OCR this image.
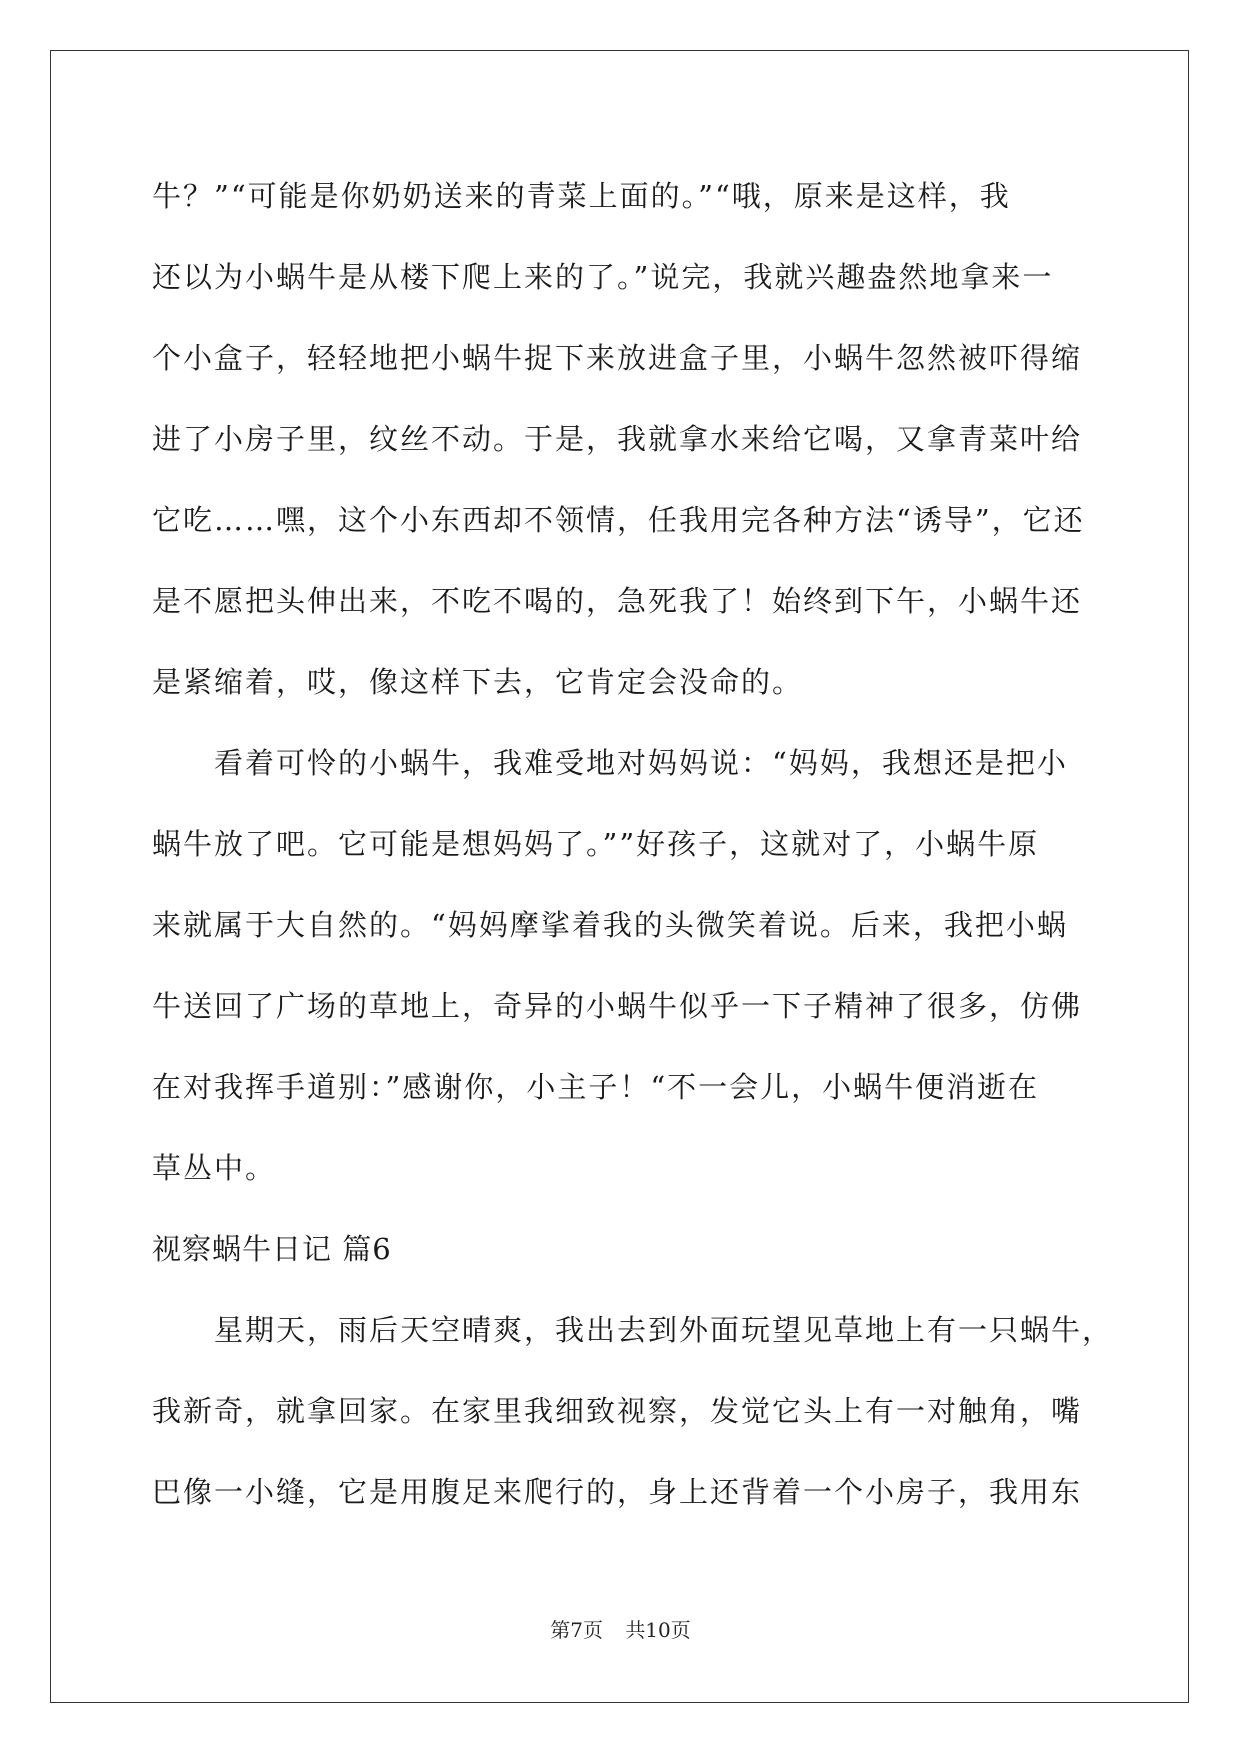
牛？”“可能是你奶奶送来的青菜上面的。”“哦，原来是这样，我
还以为小蜗牛是从楼下爬上来的了。”说完，我就兴趣盎然地拿来一
个小盒子，轻轻地把小蜗牛捉下来放进盒子里，小蜗牛忽然被吓得缩
进了小房子里，纹丝不动。于是，我就拿水来给它喝，又拿青菜叶给
它吃……嘿，这个小东西却不领情，任我用完各种方法“诱导”，它还
是不愿把头伸出来，不吃不喝的，急死我了！始终到下午，小蜗牛还
是紧缩着，哎，像这样下去，它肯定会没命的。
看着可怜的小蜗牛，我难受地对妈妈说：“妈妈，我想还是把小
蜗牛放了吧。它可能是想妈妈了。””好孩子，这就对了，小蜗牛原
来就属于大自然的。“妈妈摩挲着我的头微笑着说。后来，我把小蜗
牛送回了广场的草地上，奇异的小蜗牛似乎一下子精神了很多，仿佛
在对我挥手道别：”感谢你，小主子！“不一会儿，小蜗牛便消逝在
草丛中。
视察蜗牛日记 篇6
星期天，雨后天空晴爽，我出去到外面玩望见草地上有一只蜗牛，
我新奇，就拿回家。在家里我细致视察，发觉它头上有一对触角，嘴
巴像一小缝，它是用腹足来爬行的，身上还背着一个小房子，我用东
第7页 共10页
